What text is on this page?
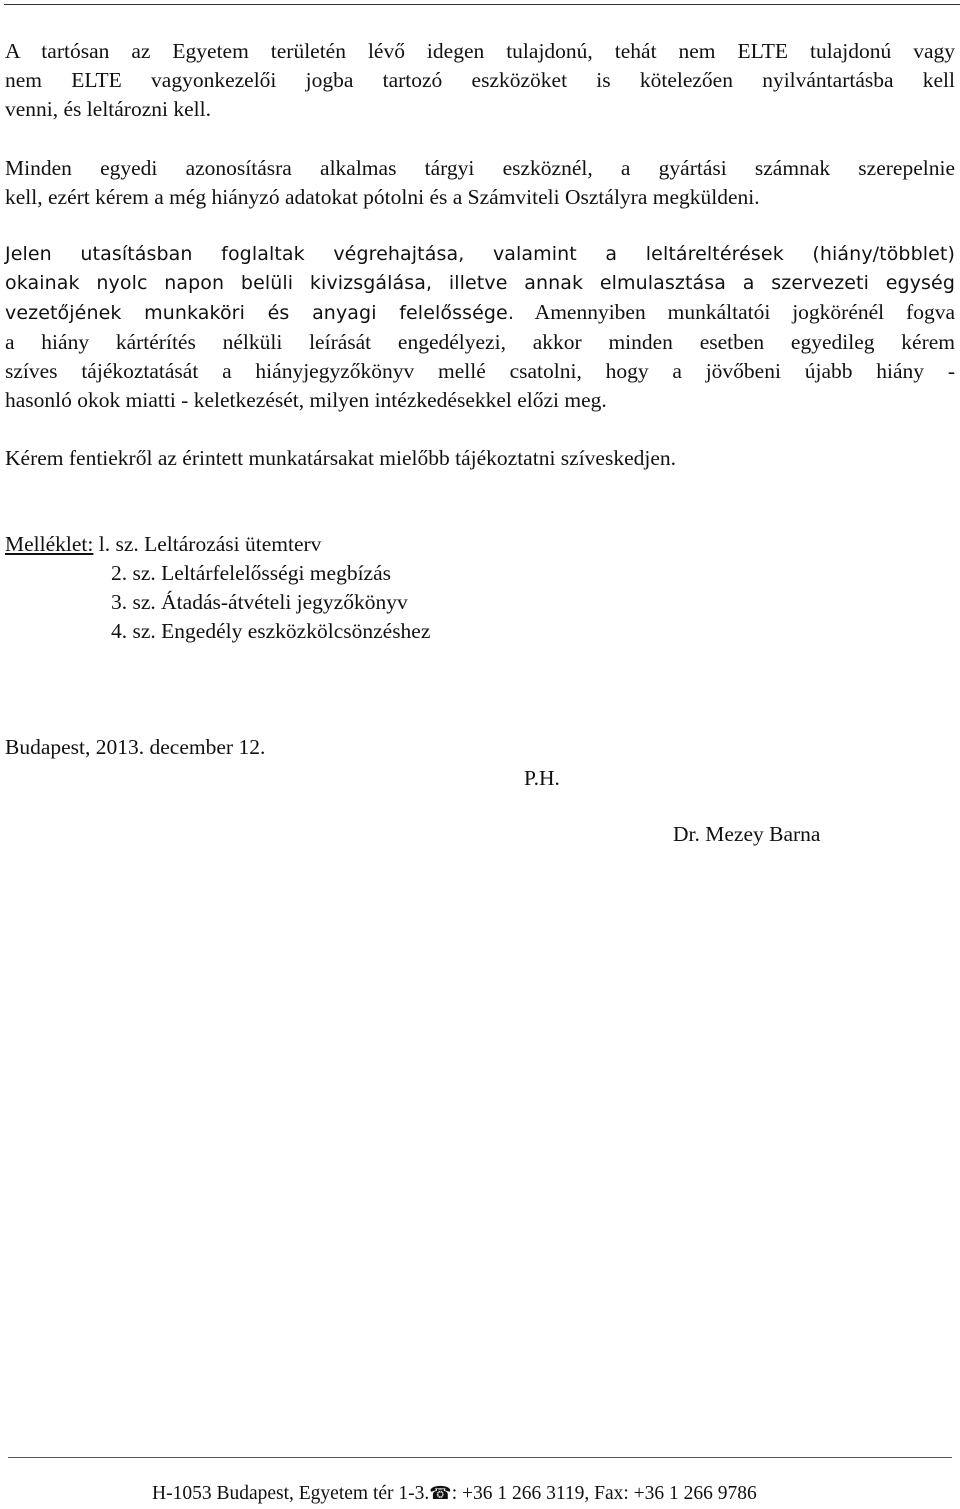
A tartósan az Egyetem területén lévő idegen tulajdonú, tehát nem ELTE tulajdonú vagy
nem ELTE vagyonkezelői jogba tartozó eszközöket is kötelezően nyilvántartásba kell
venni, és leltározni kell.

Minden egyedi azonosításra alkalmas tárgyi eszköznél, a gyártási számnak szerepelnie
kell, ezért kérem a még hiányzó adatokat pótolni és a Számviteli Osztályra megküldeni.

Jelen utasításban foglaltak végrehajtása, valamint a leltáreltérések (hiány/többlet)
okainak nyolc napon belüli kivizsgálása, illetve annak elmulasztása a szervezeti egység
vezetőjének munkaköri és anyagi felelőssége. Amennyiben munkáltatói jogkörénél fogva
a hiány kártérítés nélküli leírását engedélyezi, akkor minden esetben egyedileg kérem
szíves tájékoztatását a hiányjegyzőkönyv mellé csatolni, hogy a jövőbeni újabb hiány -
hasonló okok miatti - keletkezését, milyen intézkedésekkel előzi meg.

Kérem fentiekről az érintett munkatársakat mielőbb tájékoztatni szíveskedjen.

Melléklet: l. sz. Leltározási ütemterv
2. sz. Leltárfelelősségi megbízás
3. sz. Átadás-átvételi jegyzőkönyv
4. sz. Engedély eszközkölcsönzéshez
Budapest, 2013. december 12.
P.H.
Dr. Mezey Barna
H-1053 Budapest, Egyetem tér 1-3.☎: +36 1 266 3119, Fax: +36 1 266 9786
